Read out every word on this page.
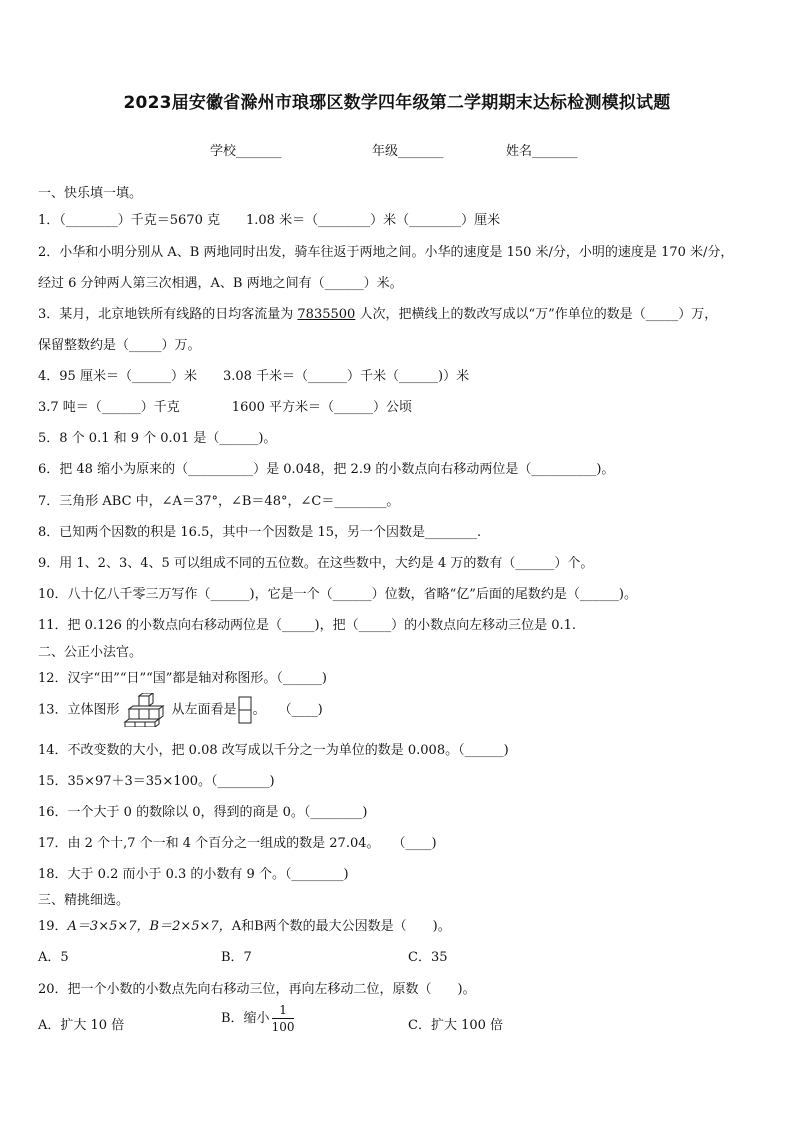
2023届安徽省滁州市琅琊区数学四年级第二学期期末达标检测模拟试题
学校_______	年级_______	姓名_______
一、快乐填一填。
1．（________）千克＝5670 克　　1.08 米＝（________）米（________）厘米
2．小华和小明分别从 A、B 两地同时出发，骑车往返于两地之间。小华的速度是 150 米/分，小明的速度是 170 米/分，
经过 6 分钟两人第三次相遇，A、B 两地之间有（______）米。
3．某月，北京地铁所有线路的日均客流量为 7835500 人次，把横线上的数改写成以“万”作单位的数是（_____）万，
保留整数约是（_____）万。
4．95 厘米＝（______）米　　3.08 千米＝（______）千米（______)）米
3.7 吨＝（______）千克　　　　1600 平方米＝（______）公顷
5．8 个 0.1 和 9 个 0.01 是（______)。
6．把 48 缩小为原来的（__________）是 0.048，把 2.9 的小数点向右移动两位是（__________)。
7．三角形 ABC 中，∠A＝37°，∠B＝48°，∠C＝________。
8．已知两个因数的积是 16.5，其中一个因数是 15，另一个因数是________.
9．用 1、2、3、4、5 可以组成不同的五位数。在这些数中，大约是 4 万的数有（______）个。
10．八十亿八千零三万写作（______)，它是一个（______）位数，省略“亿”后面的尾数约是（______)。
11．把 0.126 的小数点向右移动两位是（_____)，把（_____）的小数点向左移动三位是 0.1.
二、公正小法官。
12．汉字“田”“日”“国”都是轴对称图形。（______)
13．立体图形	从左面看是 。　　（____)
14．不改变数的大小，把 0.08 改写成以千分之一为单位的数是 0.008。（______)
15．35×97＋3＝35×100。（________)
16．一个大于 0 的数除以 0，得到的商是 0。（________)
17．由 2 个十,7 个一和 4 个百分之一组成的数是 27.04。　　（____)
18．大于 0.2 而小于 0.3 的小数有 9 个。（________)
三、精挑细选。
19．A＝3×5×7，B＝2×5×7，A和B两个数的最大公因数是（　　)。
A．5	B．7	C．35
20．把一个小数的小数点先向右移动三位，再向左移动二位，原数（　　)。
A．扩大 10 倍	B．缩小 $\frac{1}{100}$	C．扩大 100 倍
